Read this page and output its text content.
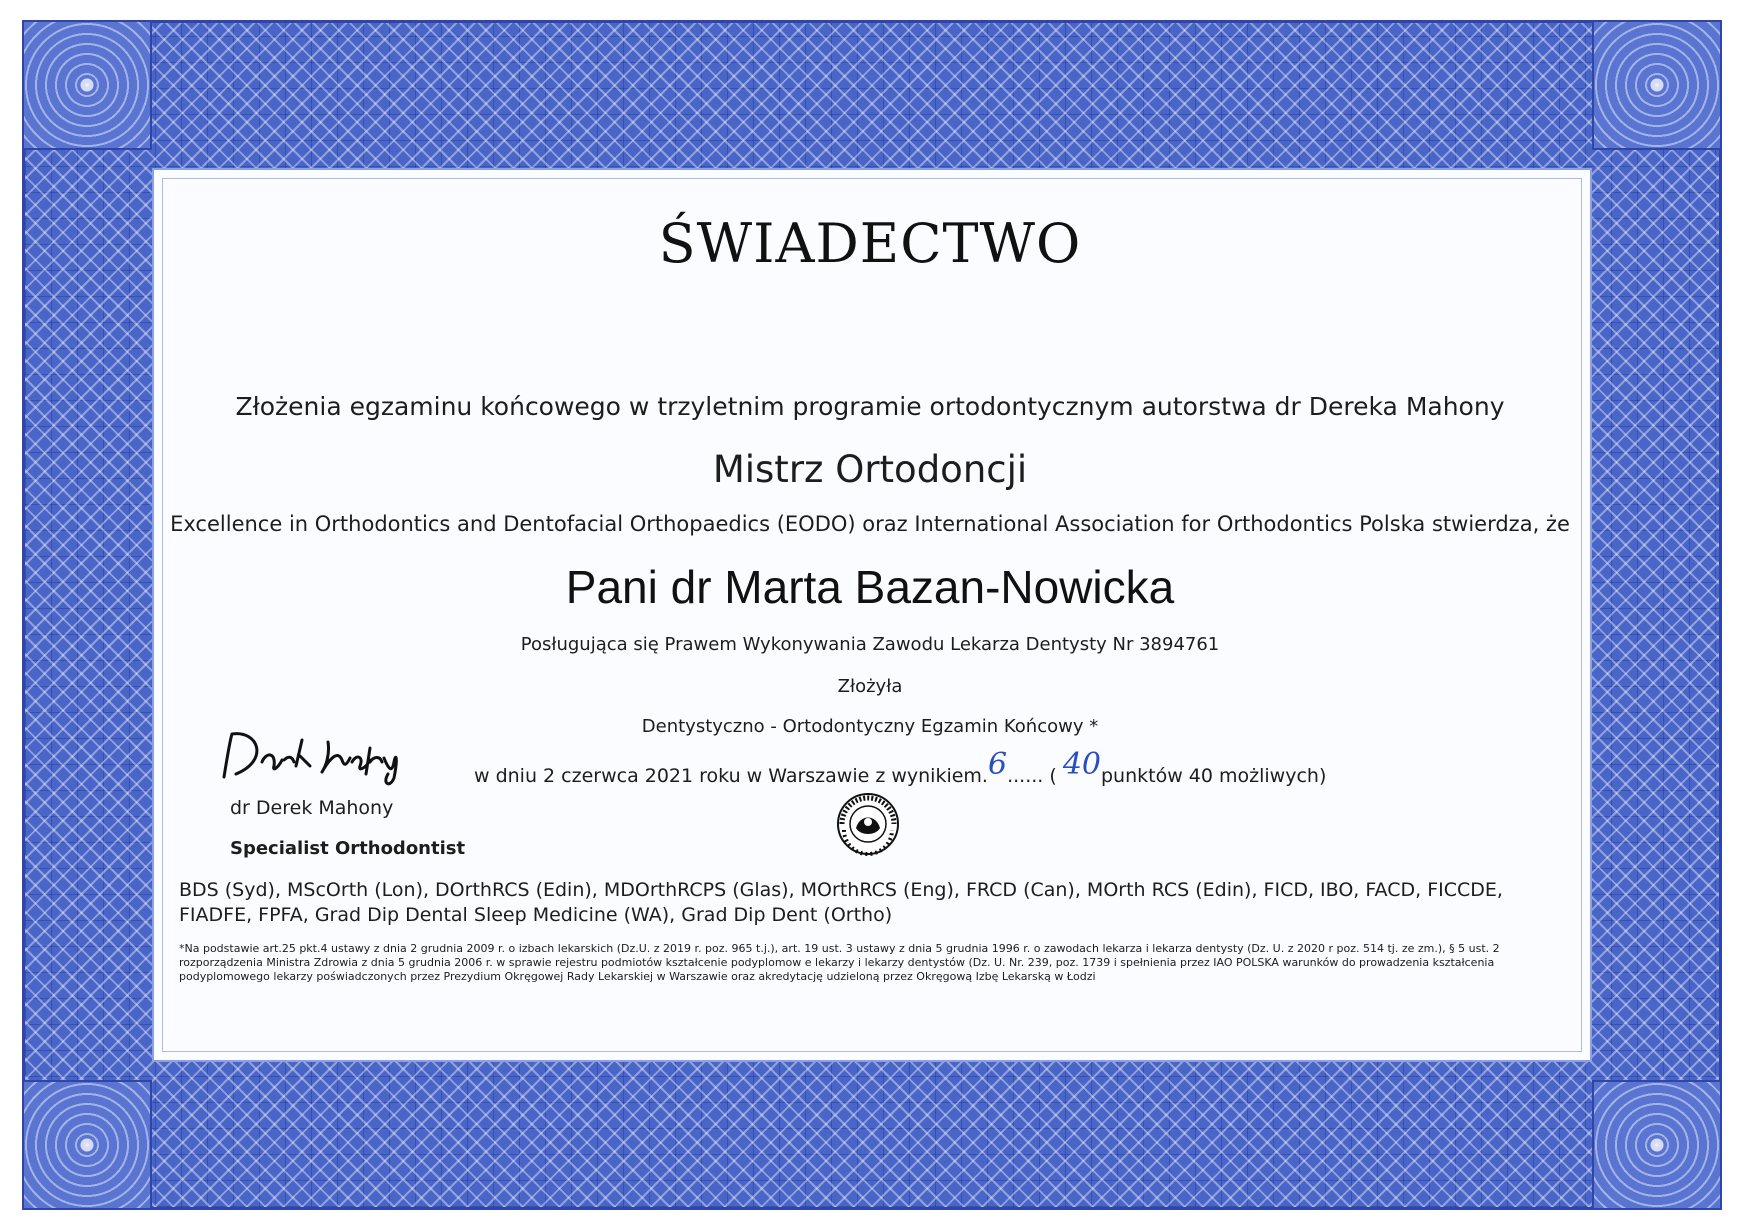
ŚWIADECTWO
Złożenia egzaminu końcowego w trzyletnim programie ortodontycznym autorstwa dr Dereka Mahony
Mistrz Ortodoncji
Excellence in Orthodontics and Dentofacial Orthopaedics (EODO) oraz International Association for Orthodontics Polska stwierdza, że
Pani dr Marta Bazan-Nowicka
Posługująca się Prawem Wykonywania Zawodu Lekarza Dentysty Nr 3894761
Złożyła
Dentystyczno - Ortodontyczny Egzamin Końcowy *
w dniu 2 czerwca 2021 roku w Warszawie z wynikiem.6...... ( 40punktów 40 możliwych)
dr Derek Mahony
Specialist Orthodontist
BDS (Syd), MScOrth (Lon), DOrthRCS (Edin), MDOrthRCPS (Glas), MOrthRCS (Eng), FRCD (Can), MOrth RCS (Edin), FICD, IBO, FACD, FICCDE, FIADFE, FPFA, Grad Dip Dental Sleep Medicine (WA), Grad Dip Dent (Ortho)
*Na podstawie art.25 pkt.4 ustawy z dnia 2 grudnia 2009 r. o izbach lekarskich (Dz.U. z 2019 r. poz. 965 t.j.), art. 19 ust. 3 ustawy z dnia 5 grudnia 1996 r. o zawodach lekarza i lekarza dentysty (Dz. U. z 2020 r poz. 514 tj. ze zm.), § 5 ust. 2 rozporządzenia Ministra Zdrowia z dnia 5 grudnia 2006 r. w sprawie rejestru podmiotów kształcenie podyplomow e lekarzy i lekarzy dentystów (Dz. U. Nr. 239, poz. 1739 i spełnienia przez IAO POLSKA warunków do prowadzenia kształcenia podyplomowego lekarzy poświadczonych przez Prezydium Okręgowej Rady Lekarskiej w Warszawie oraz akredytację udzieloną przez Okręgową Izbę Lekarską w Łodzi
